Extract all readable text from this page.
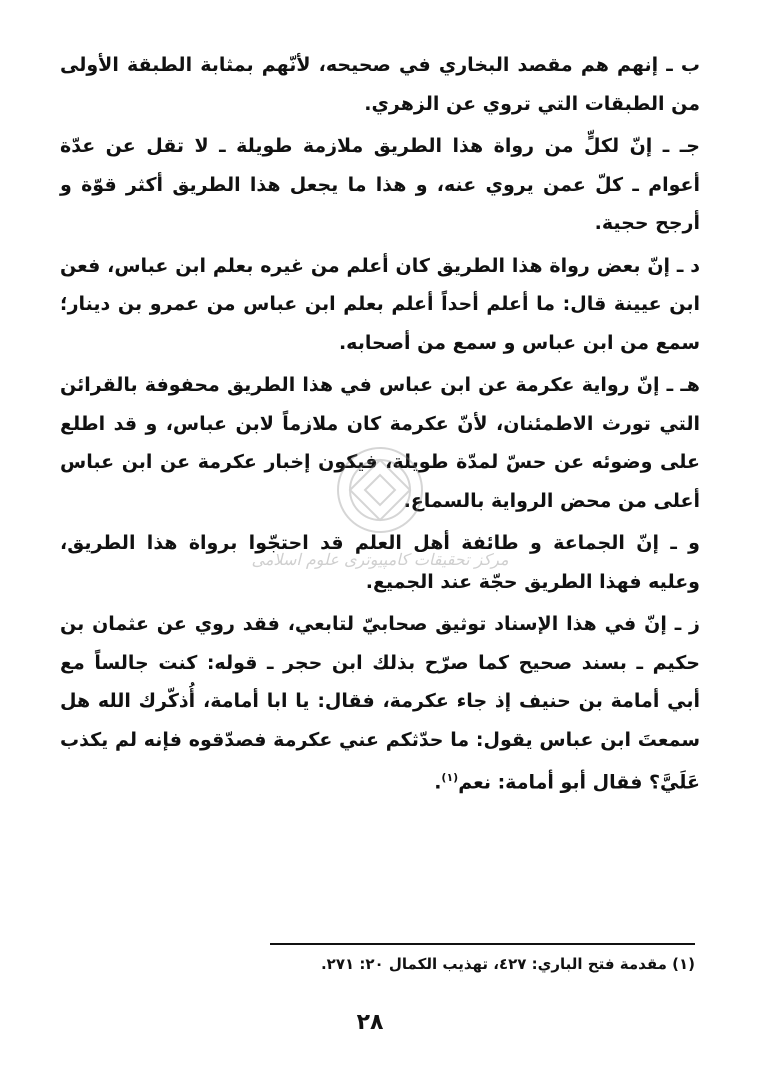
ب ـ إنهم هم مقصد البخاري في صحيحه، لأنّهم بمثابة الطبقة الأولى من الطبقات التي تروي عن الزهري.

جـ ـ إنّ لكلٍّ من رواة هذا الطريق ملازمة طويلة ـ لا تقل عن عدّة أعوام ـ كلّ عمن يروي عنه، و هذا ما يجعل هذا الطريق أكثر قوّة و أرجح حجية.

د ـ إنّ بعض رواة هذا الطريق كان أعلم من غيره بعلم ابن عباس، فعن ابن عيينة قال: ما أعلم أحداً أعلم بعلم ابن عباس من عمرو بن دينار؛ سمع من ابن عباس و سمع من أصحابه.

هـ ـ إنّ رواية عكرمة عن ابن عباس في هذا الطريق محفوفة بالقرائن التي تورث الاطمئنان، لأنّ عكرمة كان ملازماً لابن عباس، و قد اطلع على وضوئه عن حسّ لمدّة طويلة، فيكون إخبار عكرمة عن ابن عباس أعلى من محض الرواية بالسماع.

و ـ إنّ الجماعة و طائفة أهل العلم قد احتجّوا برواة هذا الطريق، وعليه فهذا الطريق حجّة عند الجميع.

ز ـ إنّ في هذا الإسناد توثيق صحابيّ لتابعي، فقد روي عن عثمان بن حكيم ـ بسند صحيح كما صرّح بذلك ابن حجر ـ قوله: كنت جالساً مع أبي أمامة بن حنيف إذ جاء عكرمة، فقال: يا ابا أمامة، أُذكّرك الله هل سمعتَ ابن عباس يقول: ما حدّثكم عني عكرمة فصدّقوه فإنه لم يكذب عَلَيَّ؟ فقال أبو أمامة: نعم$^{(١)}$.

مركز تحقيقات كامپيوتری علوم اسلامی
(١) مقدمة فتح الباري: ٤٢٧، تهذيب الكمال ٢٠: ٢٧١.
٢٨
